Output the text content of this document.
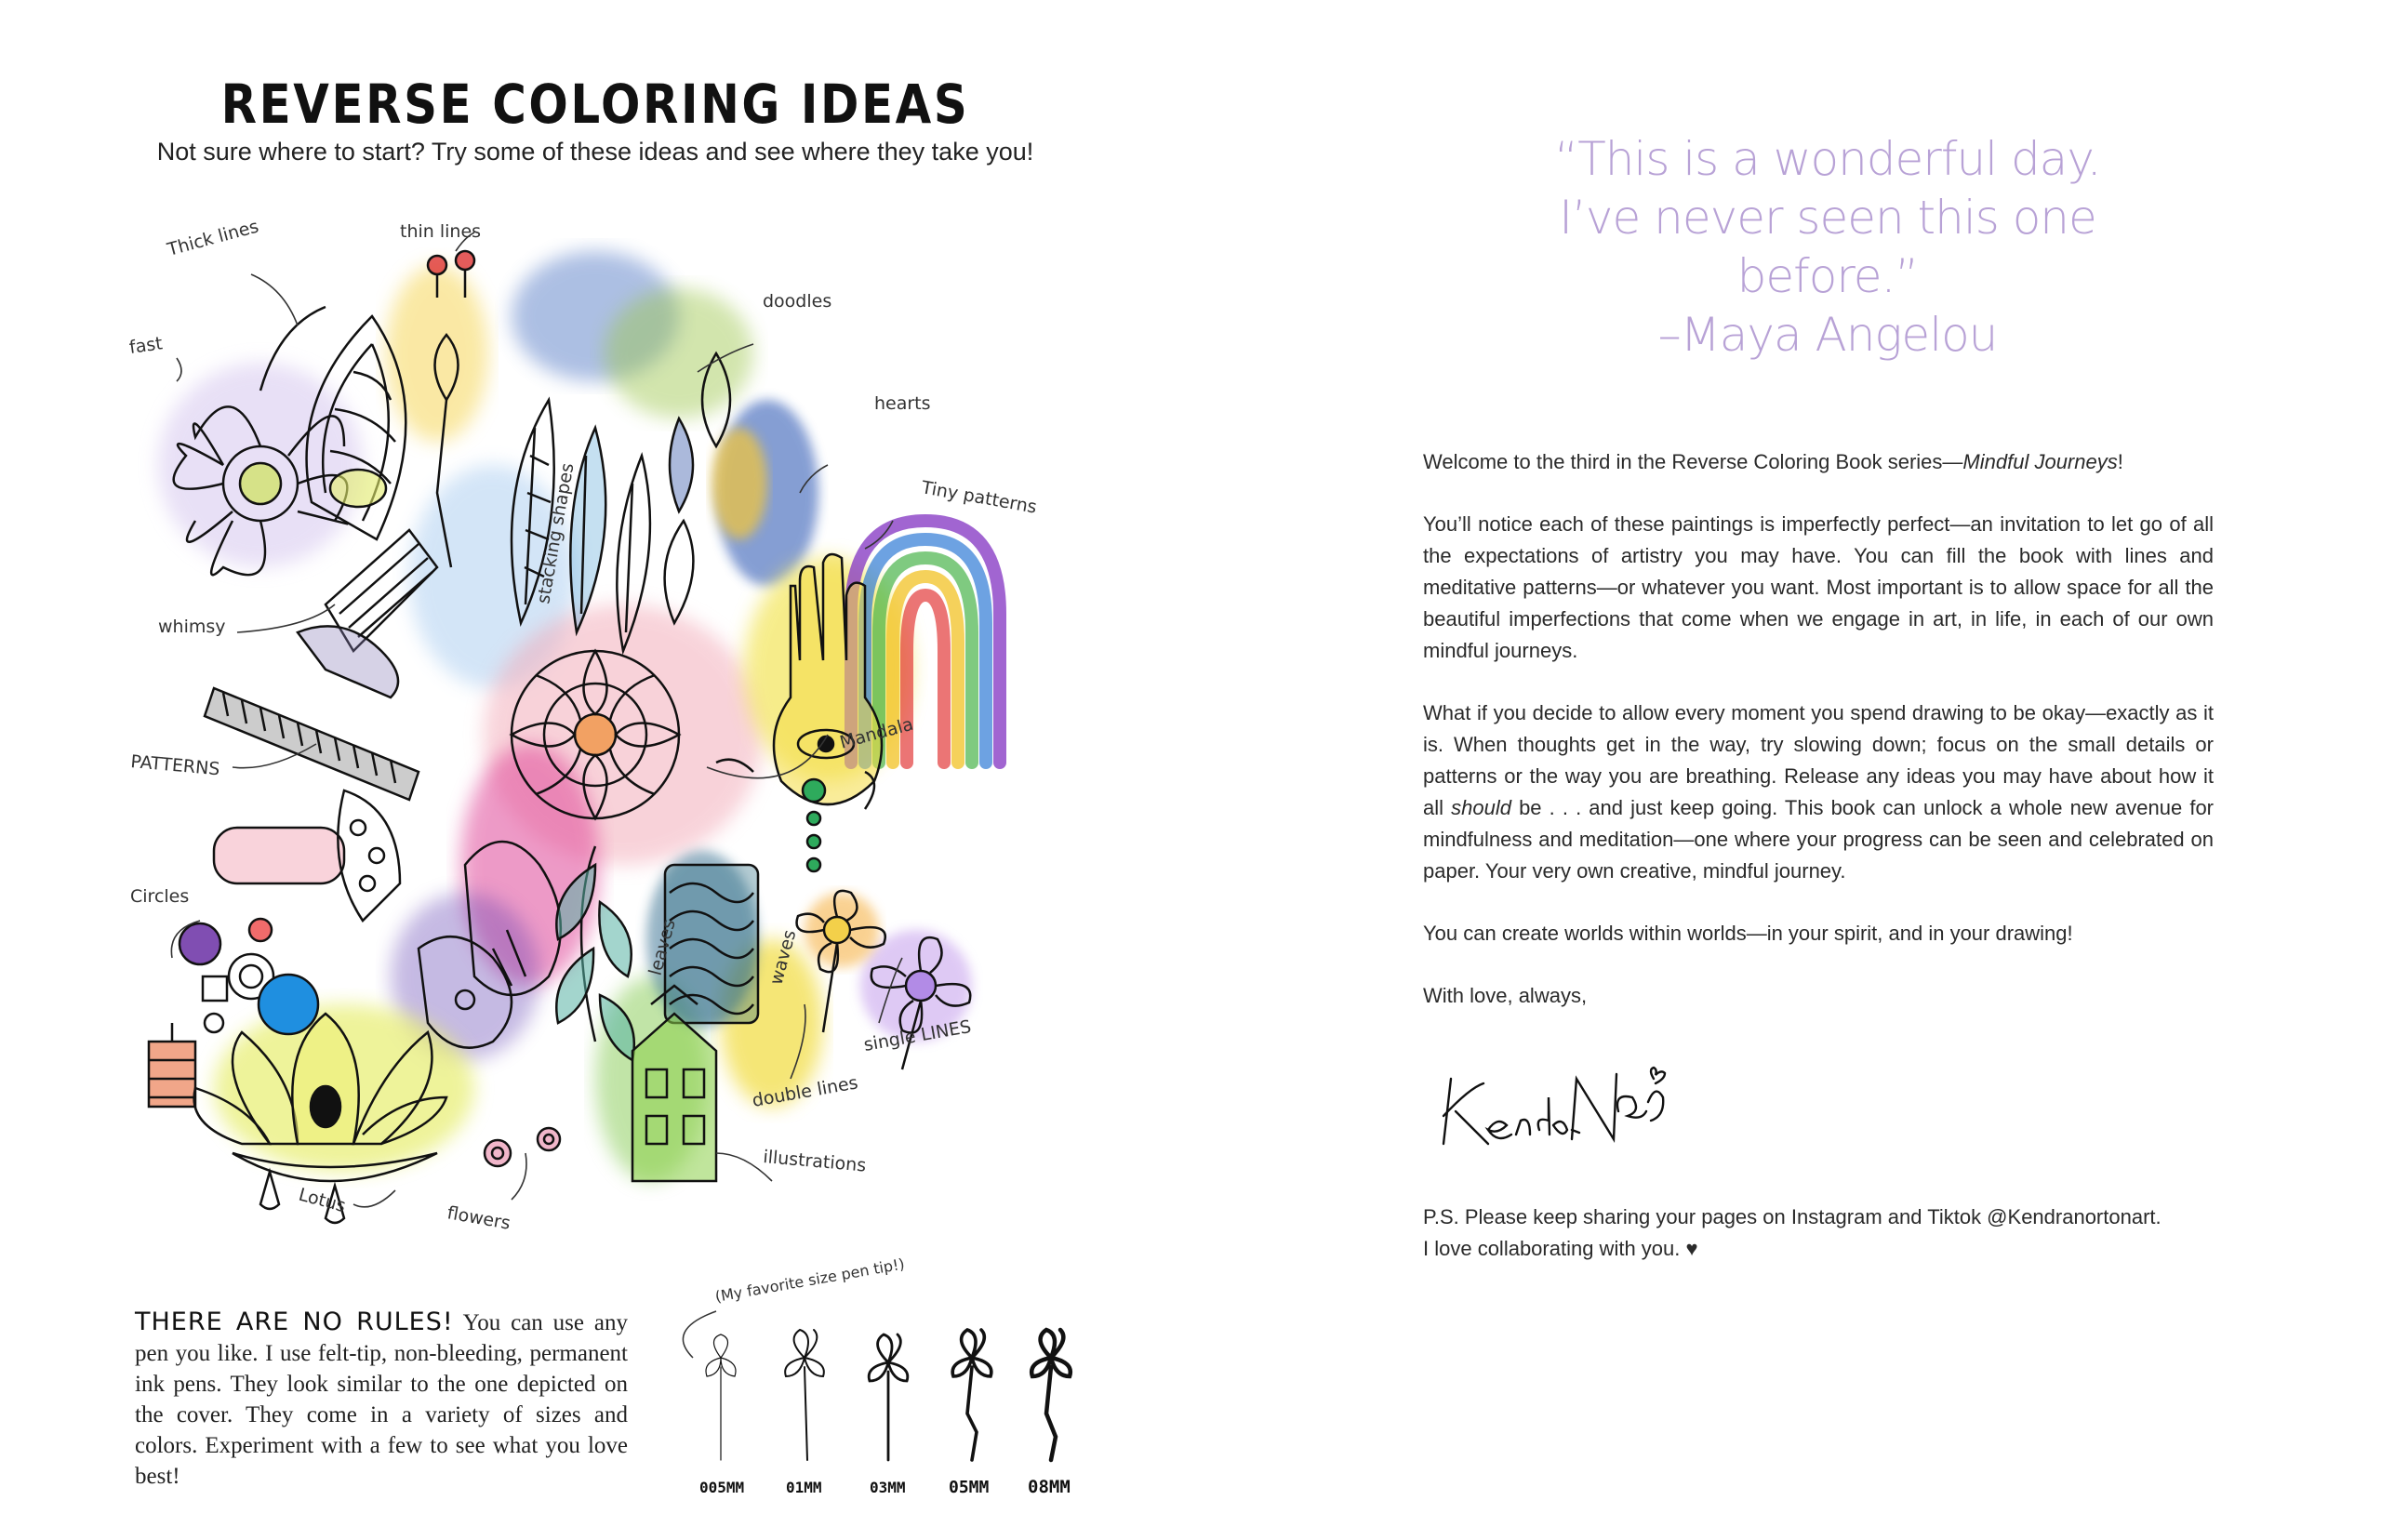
REVERSE COLORING IDEAS
Not sure where to start? Try some of these ideas and see where they take you!
Thick lines	thin lines
fast
doodles
hearts
Tiny patterns
stacking shapes
whimsy
PATTERNS
Mandala
Circles
leaves	waves
double lines
single LINES
Lotus
flowers
illustrations
THERE ARE NO RULES! You can use any pen you like. I use felt-tip, non-bleeding, permanent ink pens. They look similar to the one depicted on the cover. They come in a variety of sizes and colors. Experiment with a few to see what you love best!
(My favorite size pen tip!)
005MM	01MM	03MM	05MM 08MM
“This is a wonderful day.
I’ve never seen this one before.”
–Maya Angelou

Welcome to the third in the Reverse Coloring Book series—Mindful Journeys!

You’ll notice each of these paintings is imperfectly perfect—an invitation to let go of all the expectations of artistry you may have. You can fill the book with lines and meditative patterns—or whatever you want. Most important is to allow space for all the beautiful imperfections that come when we engage in art, in life, in each of our own mindful journeys.

What if you decide to allow every moment you spend drawing to be okay—exactly as it is. When thoughts get in the way, try slowing down; focus on the small details or patterns or the way you are breathing. Release any ideas you may have about how it all should be . . . and just keep going. This book can unlock a whole new avenue for mindfulness and meditation—one where your progress can be seen and celebrated on paper. Your very own creative, mindful journey.

You can create worlds within worlds—in your spirit, and in your drawing!

With love, always,

P.S. Please keep sharing your pages on Instagram and Tiktok @Kendranortonart.
I love collaborating with you. ♥
